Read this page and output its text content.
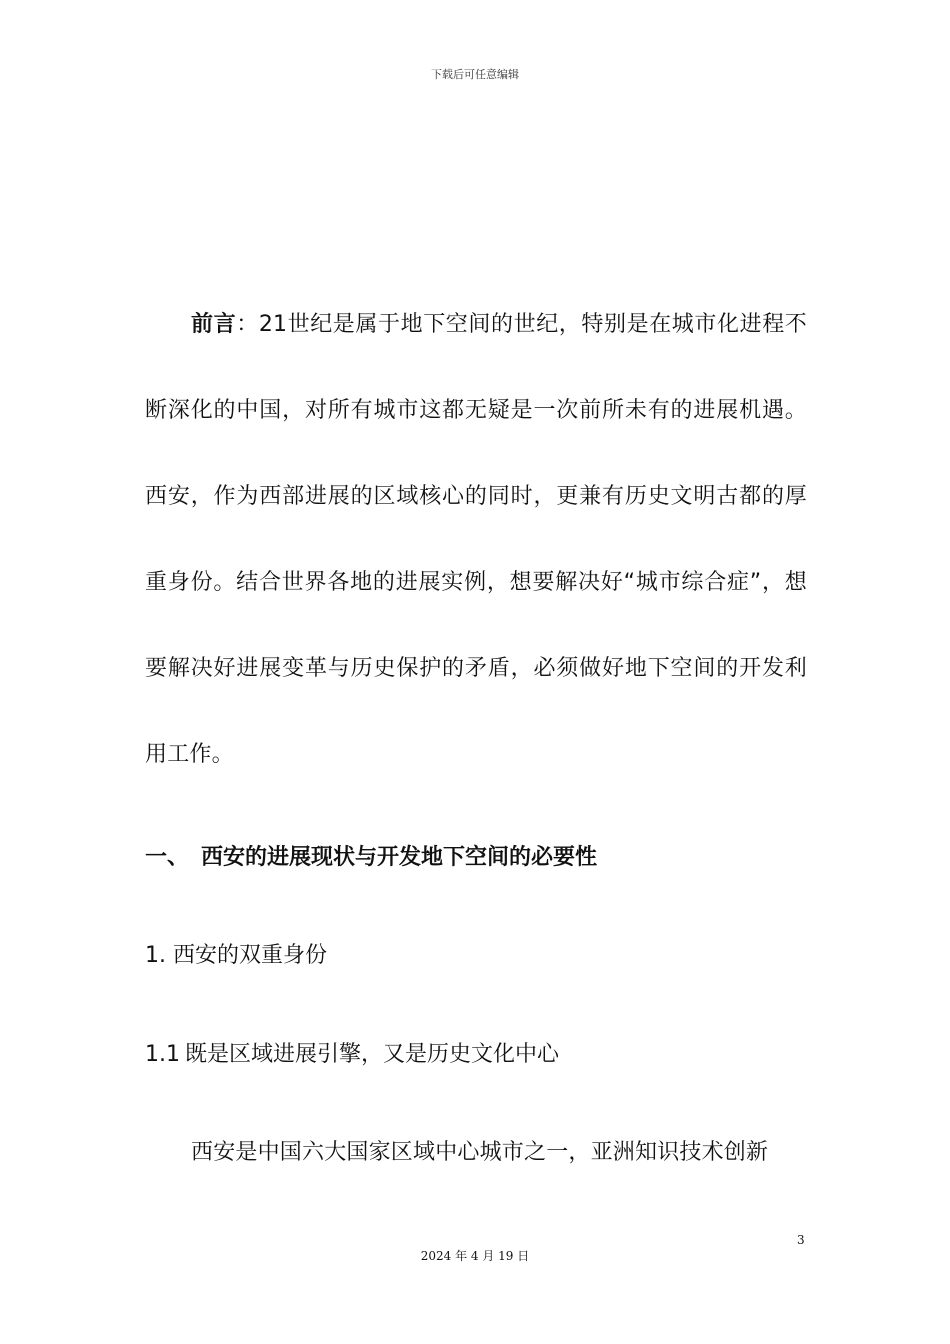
下载后可任意编辑

前言：21世纪是属于地下空间的世纪，特别是在城市化进程不断深化的中国，对所有城市这都无疑是一次前所未有的进展机遇。西安，作为西部进展的区域核心的同时，更兼有历史文明古都的厚重身份。结合世界各地的进展实例，想要解决好“城市综合症”，想要解决好进展变革与历史保护的矛盾，必须做好地下空间的开发利用工作。

一、 西安的进展现状与开发地下空间的必要性

1. 西安的双重身份

1.1 既是区域进展引擎，又是历史文化中心

西安是中国六大国家区域中心城市之一，亚洲知识技术创新

3
2024 年 4 月 19 日
